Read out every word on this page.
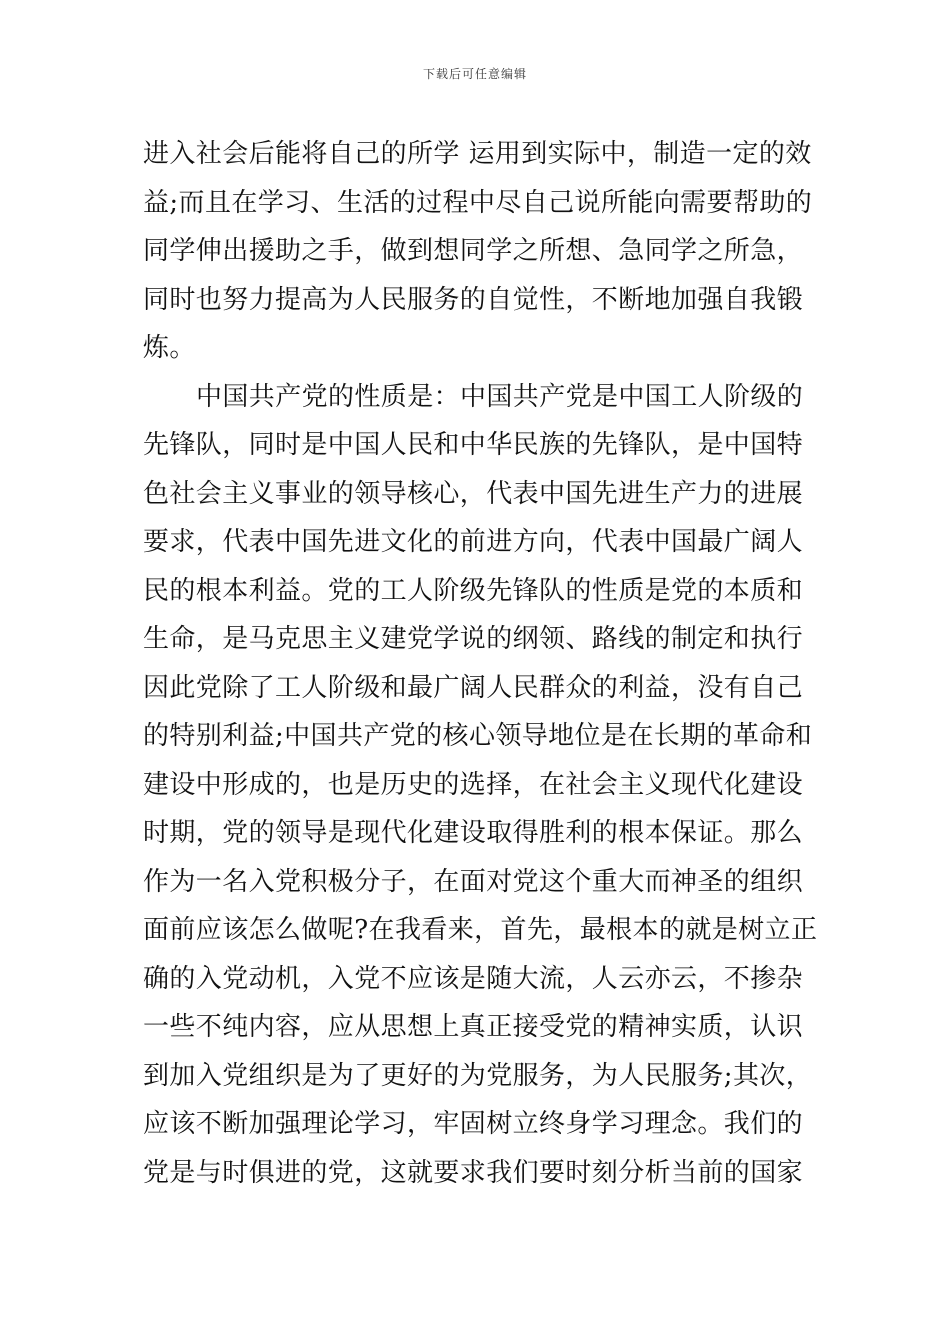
下载后可任意编辑
进入社会后能将自己的所学 运用到实际中，制造一定的效
益;而且在学习、生活的过程中尽自己说所能向需要帮助的
同学伸出援助之手，做到想同学之所想、急同学之所急，
同时也努力提高为人民服务的自觉性，不断地加强自我锻
炼。
中国共产党的性质是：中国共产党是中国工人阶级的
先锋队，同时是中国人民和中华民族的先锋队，是中国特
色社会主义事业的领导核心，代表中国先进生产力的进展
要求，代表中国先进文化的前进方向，代表中国最广阔人
民的根本利益。党的工人阶级先锋队的性质是党的本质和
生命，是马克思主义建党学说的纲领、路线的制定和执行
因此党除了工人阶级和最广阔人民群众的利益，没有自己
的特别利益;中国共产党的核心领导地位是在长期的革命和
建设中形成的，也是历史的选择，在社会主义现代化建设
时期，党的领导是现代化建设取得胜利的根本保证。那么
作为一名入党积极分子，在面对党这个重大而神圣的组织
面前应该怎么做呢?在我看来，首先，最根本的就是树立正
确的入党动机，入党不应该是随大流，人云亦云，不掺杂
一些不纯内容，应从思想上真正接受党的精神实质，认识
到加入党组织是为了更好的为党服务，为人民服务;其次，
应该不断加强理论学习，牢固树立终身学习理念。我们的
党是与时俱进的党，这就要求我们要时刻分析当前的国家
